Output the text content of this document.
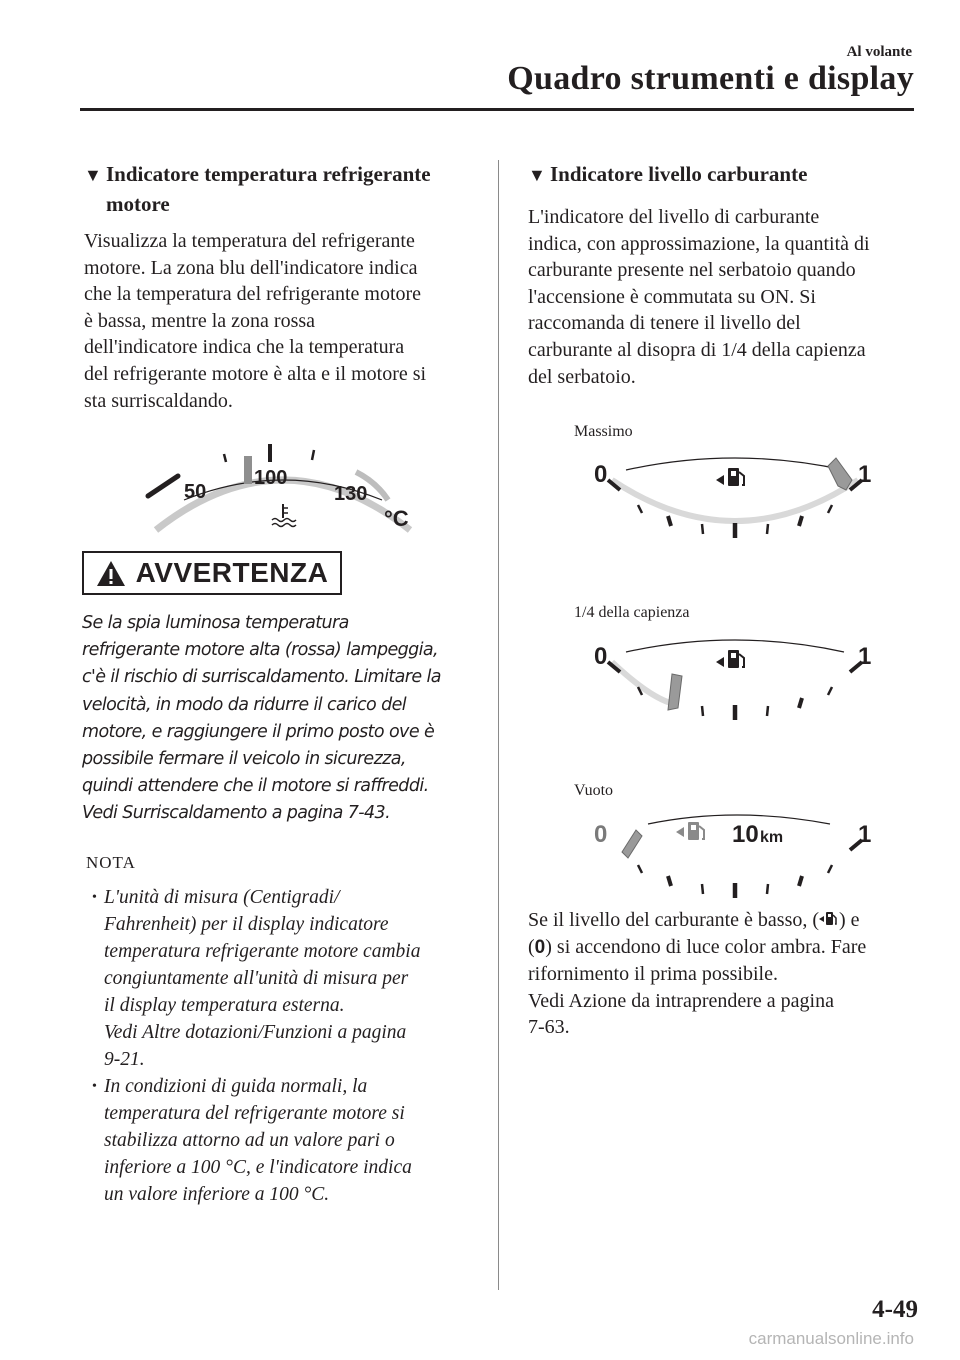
Al volante
Quadro strumenti e display
▼ Indicatore temperatura refrigerante
motore
Visualizza la temperatura del refrigerante
motore. La zona blu dell'indicatore indica
che la temperatura del refrigerante motore
è bassa, mentre la zona rossa
dell'indicatore indica che la temperatura
del refrigerante motore è alta e il motore si
sta surriscaldando.
50
100
130
°C
AVVERTENZA
Se la spia luminosa temperatura
refrigerante motore alta (rossa) lampeggia,
c'è il rischio di surriscaldamento. Limitare la
velocità, in modo da ridurre il carico del
motore, e raggiungere il primo posto ove è
possibile fermare il veicolo in sicurezza,
quindi attendere che il motore si raffreddi.
Vedi Surriscaldamento a pagina 7-43.
NOTA
• L'unità di misura (Centigradi/
Fahrenheit) per il display indicatore
temperatura refrigerante motore cambia
congiuntamente all'unità di misura per
il display temperatura esterna.
Vedi Altre dotazioni/Funzioni a pagina
9-21.
• In condizioni di guida normali, la
temperatura del refrigerante motore si
stabilizza attorno ad un valore pari o
inferiore a 100 °C, e l'indicatore indica
un valore inferiore a 100 °C.
▼ Indicatore livello carburante
L'indicatore del livello di carburante
indica, con approssimazione, la quantità di
carburante presente nel serbatoio quando
l'accensione è commutata su ON. Si
raccomanda di tenere il livello del
carburante al disopra di 1/4 della capienza
del serbatoio.
Massimo
0	1
1/4 della capienza
0	1
Vuoto
0	1
10 km
Se il livello del carburante è basso, ( ) e
(0) si accendono di luce color ambra. Fare
rifornimento il prima possibile.
Vedi Azione da intraprendere a pagina
7-63.
4-49
carmanualsonline.info
